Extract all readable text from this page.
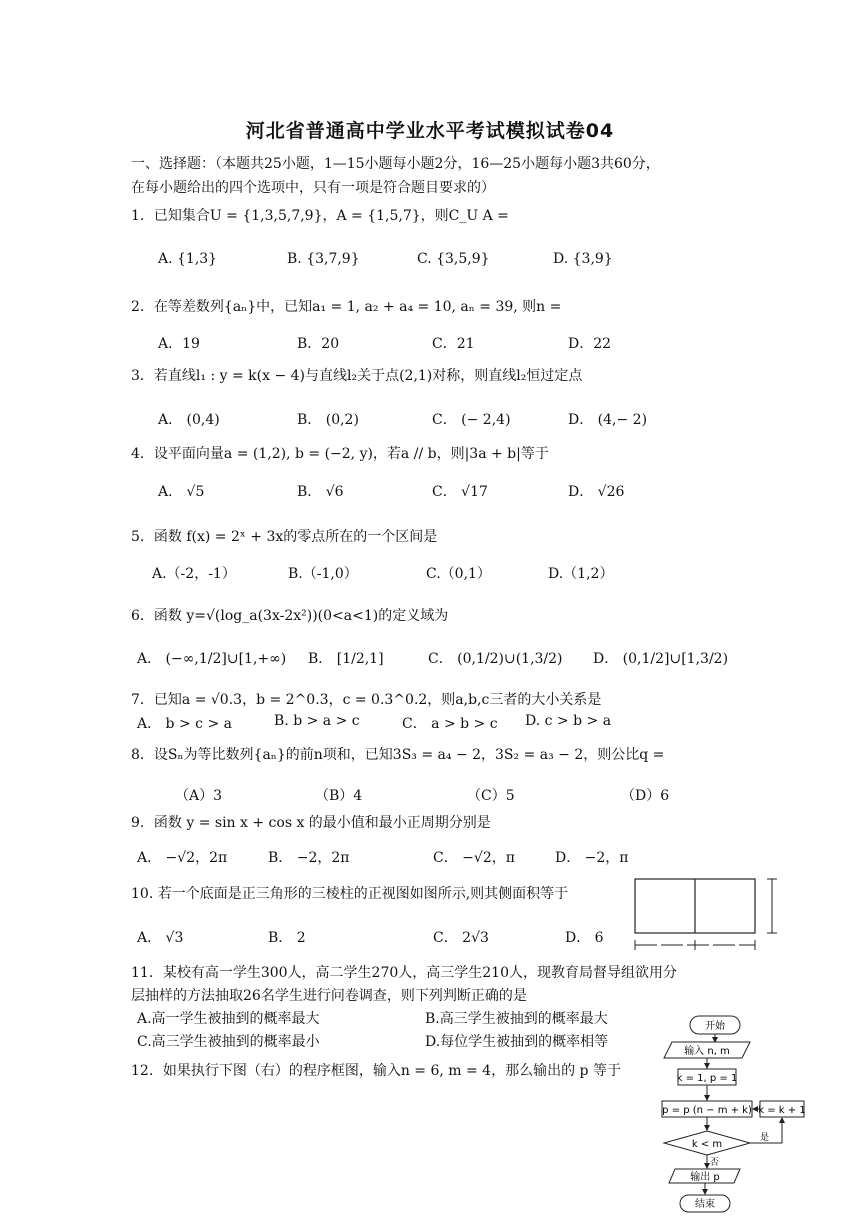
河北省普通高中学业水平考试模拟试卷04
一、选择题：（本题共25小题，1—15小题每小题2分，16—25小题每小题3共60分，
在每小题给出的四个选项中，只有一项是符合题目要求的）
1．已知集合U = {1,3,5,7,9}，A = {1,5,7}，则C_U A =
A. {1,3}	B. {3,7,9}	C. {3,5,9}	D. {3,9}
2．在等差数列{aₙ}中，已知a₁ = 1, a₂ + a₄ = 10, aₙ = 39, 则n =
A．19	B．20	C．21	D．22
3．若直线l₁ : y = k(x − 4)与直线l₂关于点(2,1)对称，则直线l₂恒过定点
A． (0,4)	B． (0,2)	C． (− 2,4)	D． (4,− 2)
4．设平面向量a = (1,2), b = (−2, y)，若a // b，则|3a + b|等于
A． √5	B． √6	C． √17	D． √26
5．函数 f(x) = 2ˣ + 3x的零点所在的一个区间是
A.（-2，-1）	B.（-1,0）	C.（0,1）	D.（1,2）
6．函数 y=√(log_a(3x-2x²))(0<a<1)的定义域为
A． (−∞,1/2]∪[1,+∞) B． [1/2,1]	C． (0,1/2)∪(1,3/2) D． (0,1/2]∪[1,3/2)
7．已知a = √0.3，b = 2^0.3，c = 0.3^0.2，则a,b,c三者的大小关系是
A． b > c > a	B. b > a > c	C． a > b > c D. c > b > a
8．设Sₙ为等比数列{aₙ}的前n项和，已知3S₃ = a₄ − 2，3S₂ = a₃ − 2，则公比q =
（A）3	（B）4	（C）5	（D）6
9．函数 y = sin x + cos x 的最小值和最小正周期分别是
A． −√2，2π	B． −2，2π	C． −√2，π	D． −2，π
10. 若一个底面是正三角形的三棱柱的正视图如图所示,则其侧面积等于
A． √3	B． 2	C． 2√3	D． 6
11．某校有高一学生300人，高二学生270人，高三学生210人，现教育局督导组欲用分
层抽样的方法抽取26名学生进行问卷调查，则下列判断正确的是
A.高一学生被抽到的概率最大	B.高三学生被抽到的概率最大
C.高三学生被抽到的概率最小	D.每位学生被抽到的概率相等
12．如果执行下图（右）的程序框图，输入n = 6, m = 4，那么输出的 p 等于
开始
输入 n, m
k = 1, p = 1
p = p (n − m + k) k = k + 1
k < m
是
否
输出 p
结束
